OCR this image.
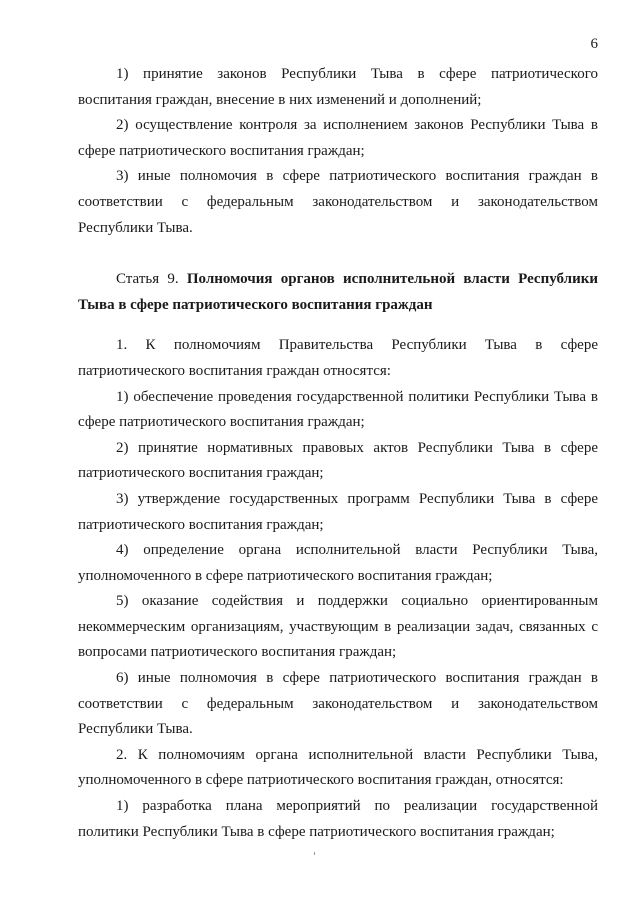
6

1) принятие законов Республики Тыва в сфере патриотического воспитания граждан, внесение в них изменений и дополнений;

2) осуществление контроля за исполнением законов Республики Тыва в сфере патриотического воспитания граждан;

3) иные полномочия в сфере патриотического воспитания граждан в соответствии с федеральным законодательством и законодательством Республики Тыва.

Статья 9. Полномочия органов исполнительной власти Республики Тыва в сфере патриотического воспитания граждан

1. К полномочиям Правительства Республики Тыва в сфере патриотического воспитания граждан относятся:

1) обеспечение проведения государственной политики Республики Тыва в сфере патриотического воспитания граждан;

2) принятие нормативных правовых актов Республики Тыва в сфере патриотического воспитания граждан;

3) утверждение государственных программ Республики Тыва в сфере патриотического воспитания граждан;

4) определение органа исполнительной власти Республики Тыва, уполномоченного в сфере патриотического воспитания граждан;

5) оказание содействия и поддержки социально ориентированным некоммерческим организациям, участвующим в реализации задач, связанных с вопросами патриотического воспитания граждан;

6) иные полномочия в сфере патриотического воспитания граждан в соответствии с федеральным законодательством и законодательством Республики Тыва.

2. К полномочиям органа исполнительной власти Республики Тыва, уполномоченного в сфере патриотического воспитания граждан, относятся:

1) разработка плана мероприятий по реализации государственной политики Республики Тыва в сфере патриотического воспитания граждан;
